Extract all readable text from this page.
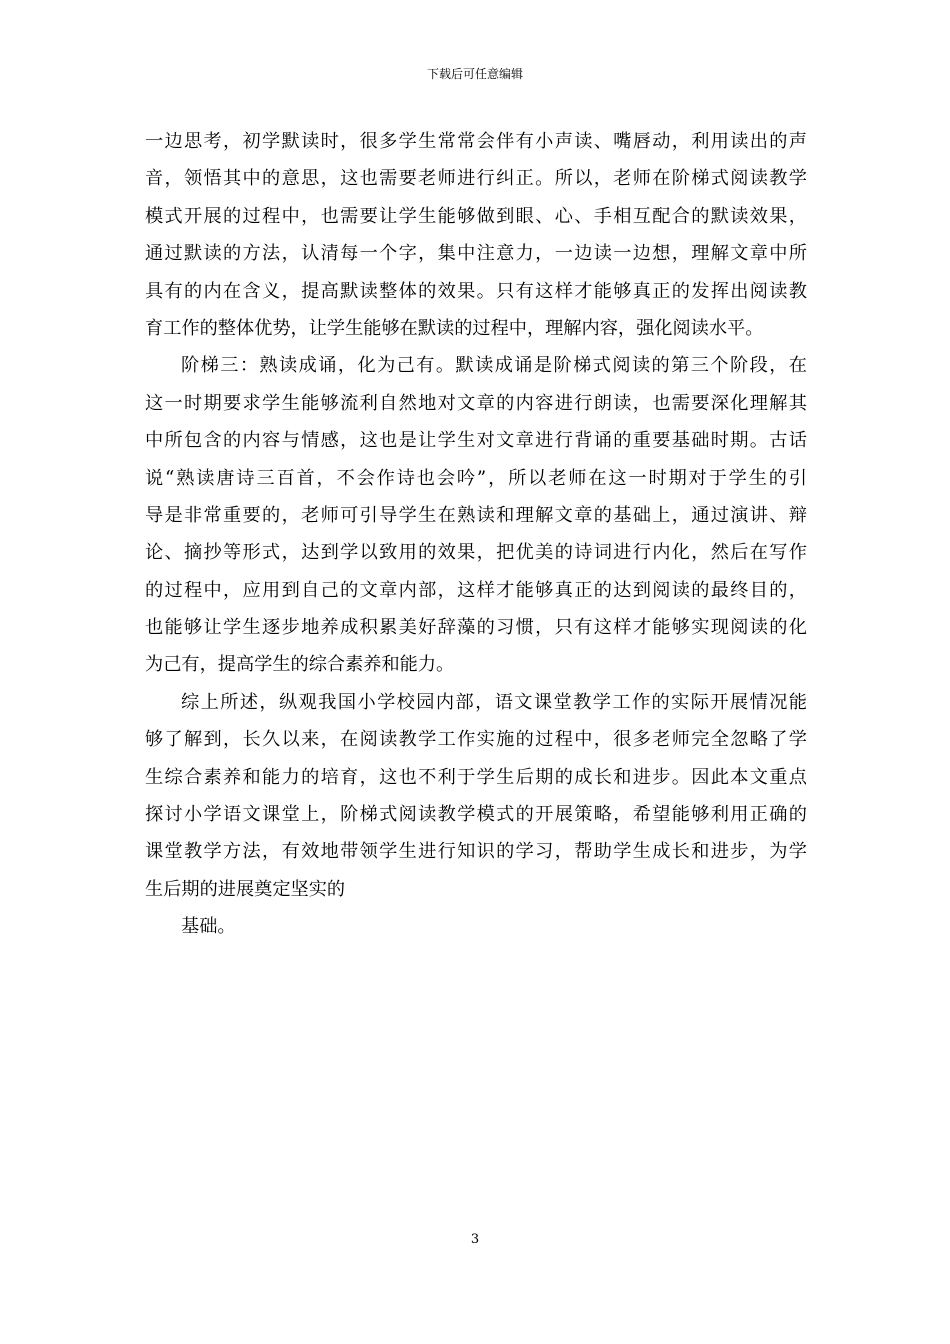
下载后可任意编辑
一边思考，初学默读时，很多学生常常会伴有小声读、嘴唇动，利用读出的声
音，领悟其中的意思，这也需要老师进行纠正。所以，老师在阶梯式阅读教学
模式开展的过程中，也需要让学生能够做到眼、心、手相互配合的默读效果，
通过默读的方法，认清每一个字，集中注意力，一边读一边想，理解文章中所
具有的内在含义，提高默读整体的效果。只有这样才能够真正的发挥出阅读教
育工作的整体优势，让学生能够在默读的过程中，理解内容，强化阅读水平。
阶梯三：熟读成诵，化为己有。默读成诵是阶梯式阅读的第三个阶段，在
这一时期要求学生能够流利自然地对文章的内容进行朗读，也需要深化理解其
中所包含的内容与情感，这也是让学生对文章进行背诵的重要基础时期。古话
说“熟读唐诗三百首，不会作诗也会吟”，所以老师在这一时期对于学生的引
导是非常重要的，老师可引导学生在熟读和理解文章的基础上，通过演讲、辩
论、摘抄等形式，达到学以致用的效果，把优美的诗词进行内化，然后在写作
的过程中，应用到自己的文章内部，这样才能够真正的达到阅读的最终目的，
也能够让学生逐步地养成积累美好辞藻的习惯，只有这样才能够实现阅读的化
为己有，提高学生的综合素养和能力。
综上所述，纵观我国小学校园内部，语文课堂教学工作的实际开展情况能
够了解到，长久以来，在阅读教学工作实施的过程中，很多老师完全忽略了学
生综合素养和能力的培育，这也不利于学生后期的成长和进步。因此本文重点
探讨小学语文课堂上，阶梯式阅读教学模式的开展策略，希望能够利用正确的
课堂教学方法，有效地带领学生进行知识的学习，帮助学生成长和进步，为学
生后期的进展奠定坚实的
基础。
3
